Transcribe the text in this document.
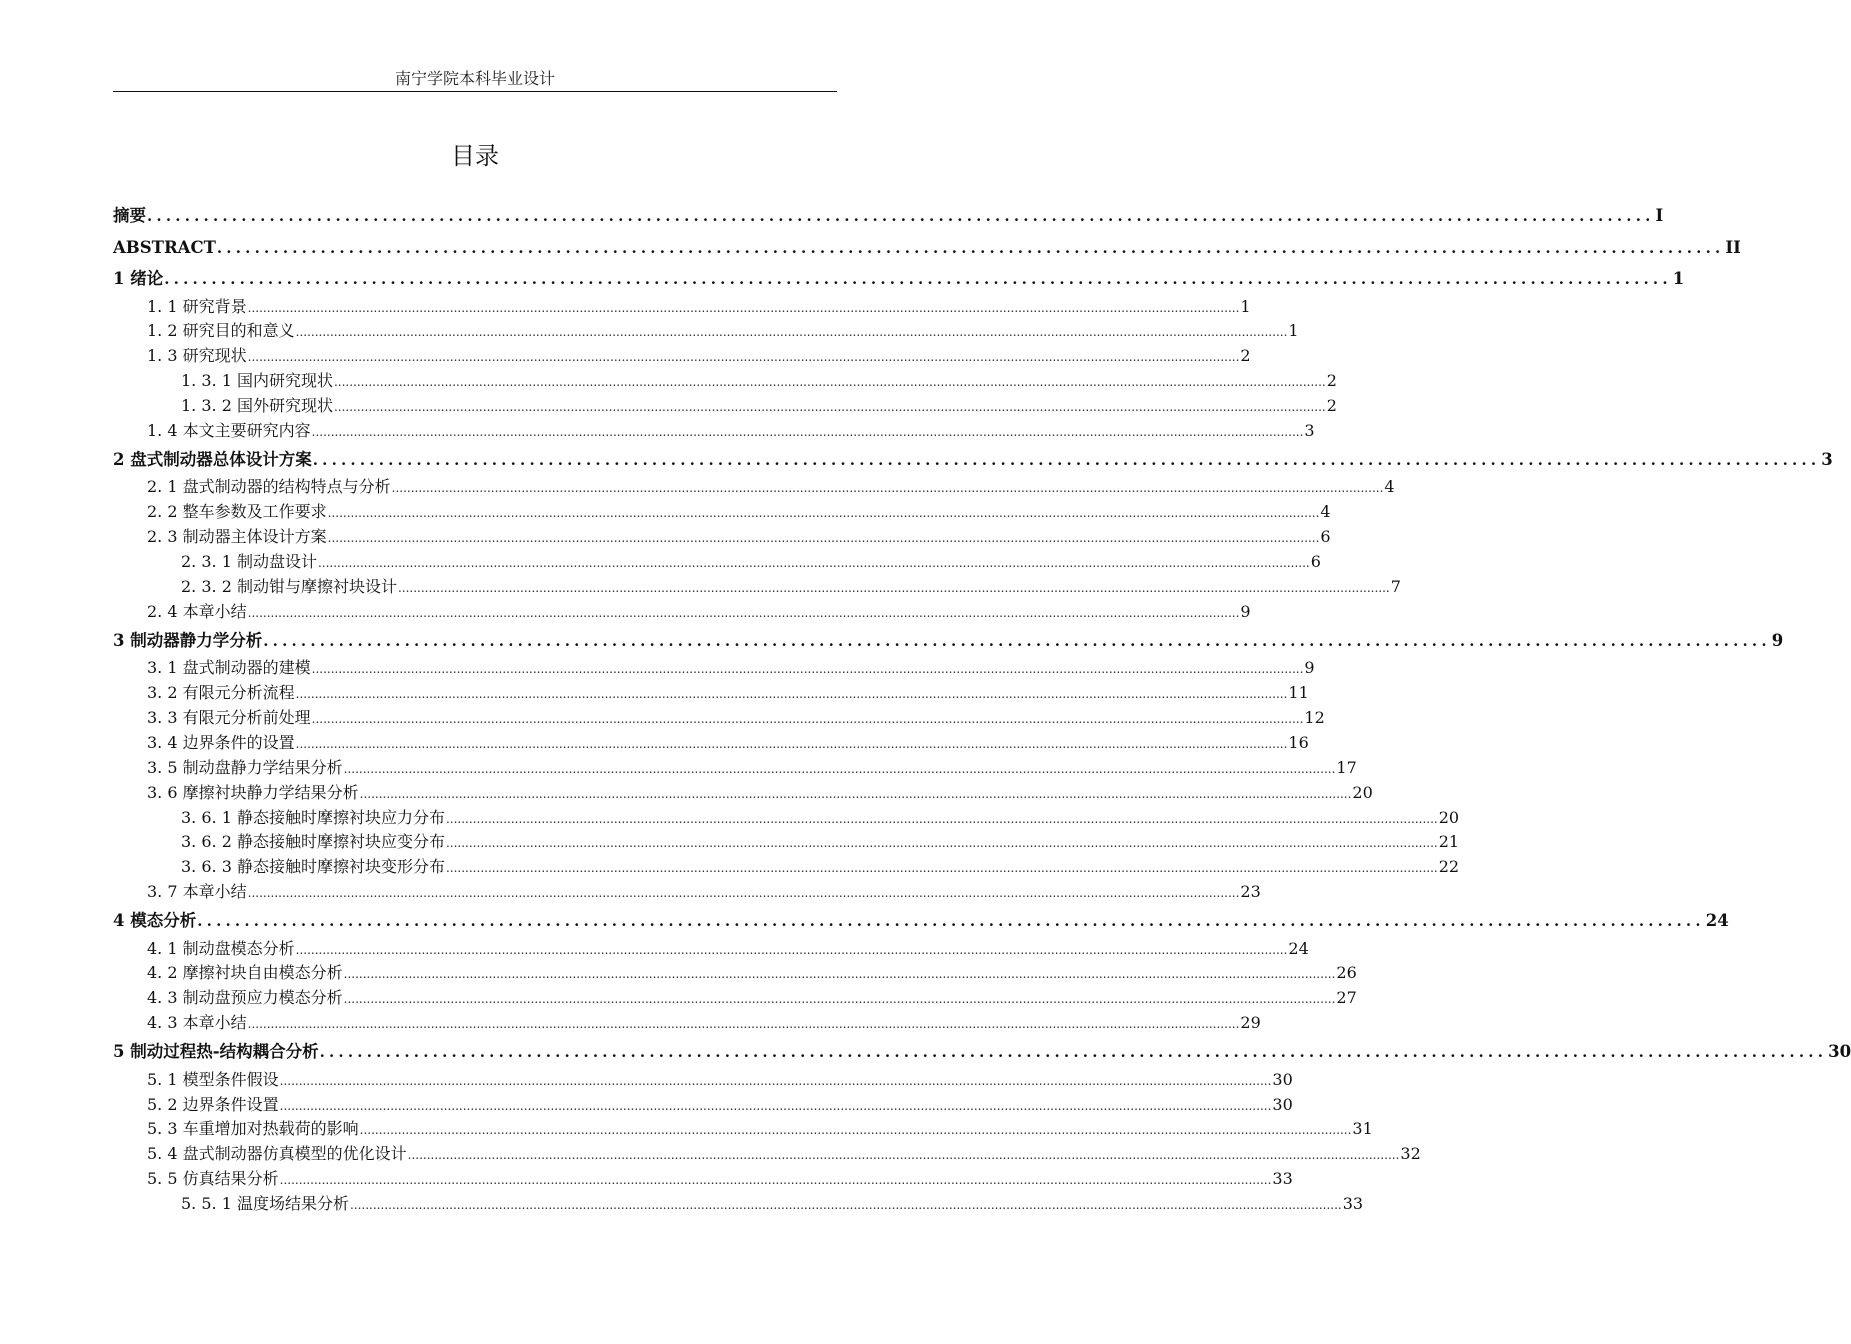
南宁学院本科毕业设计
目录
摘要 ................................................................................................................................................................ I
ABSTRACT ................................................................................................................................................................ II
1 绪论 ................................................................................................................................................................ 1
1. 1 研究背景 .................................................................................................................................................................................................................................................................... 1
1. 2 研究目的和意义 .................................................................................................................................................................................................................................................................... 1
1. 3 研究现状 .................................................................................................................................................................................................................................................................... 2
1. 3. 1 国内研究现状 .................................................................................................................................................................................................................................................................... 2
1. 3. 2 国外研究现状 .................................................................................................................................................................................................................................................................... 2
1. 4 本文主要研究内容 .................................................................................................................................................................................................................................................................... 3
2 盘式制动器总体设计方案 ................................................................................................................................................................ 3
2. 1 盘式制动器的结构特点与分析 .................................................................................................................................................................................................................................................................... 4
2. 2 整车参数及工作要求 .................................................................................................................................................................................................................................................................... 4
2. 3 制动器主体设计方案 .................................................................................................................................................................................................................................................................... 6
2. 3. 1 制动盘设计 .................................................................................................................................................................................................................................................................... 6
2. 3. 2 制动钳与摩擦衬块设计 .................................................................................................................................................................................................................................................................... 7
2. 4 本章小结 .................................................................................................................................................................................................................................................................... 9
3 制动器静力学分析 ................................................................................................................................................................ 9
3. 1 盘式制动器的建模 .................................................................................................................................................................................................................................................................... 9
3. 2 有限元分析流程 .................................................................................................................................................................................................................................................................... 11
3. 3 有限元分析前处理 .................................................................................................................................................................................................................................................................... 12
3. 4 边界条件的设置 .................................................................................................................................................................................................................................................................... 16
3. 5 制动盘静力学结果分析 .................................................................................................................................................................................................................................................................... 17
3. 6 摩擦衬块静力学结果分析 .................................................................................................................................................................................................................................................................... 20
3. 6. 1 静态接触时摩擦衬块应力分布 .................................................................................................................................................................................................................................................................... 20
3. 6. 2 静态接触时摩擦衬块应变分布 .................................................................................................................................................................................................................................................................... 21
3. 6. 3 静态接触时摩擦衬块变形分布 .................................................................................................................................................................................................................................................................... 22
3. 7 本章小结 .................................................................................................................................................................................................................................................................... 23
4 模态分析 ................................................................................................................................................................ 24
4. 1 制动盘模态分析 .................................................................................................................................................................................................................................................................... 24
4. 2 摩擦衬块自由模态分析 .................................................................................................................................................................................................................................................................... 26
4. 3 制动盘预应力模态分析 .................................................................................................................................................................................................................................................................... 27
4. 3 本章小结 .................................................................................................................................................................................................................................................................... 29
5 制动过程热-结构耦合分析 ................................................................................................................................................................ 30
5. 1 模型条件假设 .................................................................................................................................................................................................................................................................... 30
5. 2 边界条件设置 .................................................................................................................................................................................................................................................................... 30
5. 3 车重增加对热载荷的影响 .................................................................................................................................................................................................................................................................... 31
5. 4 盘式制动器仿真模型的优化设计 .................................................................................................................................................................................................................................................................... 32
5. 5 仿真结果分析 .................................................................................................................................................................................................................................................................... 33
5. 5. 1 温度场结果分析 .................................................................................................................................................................................................................................................................... 33
